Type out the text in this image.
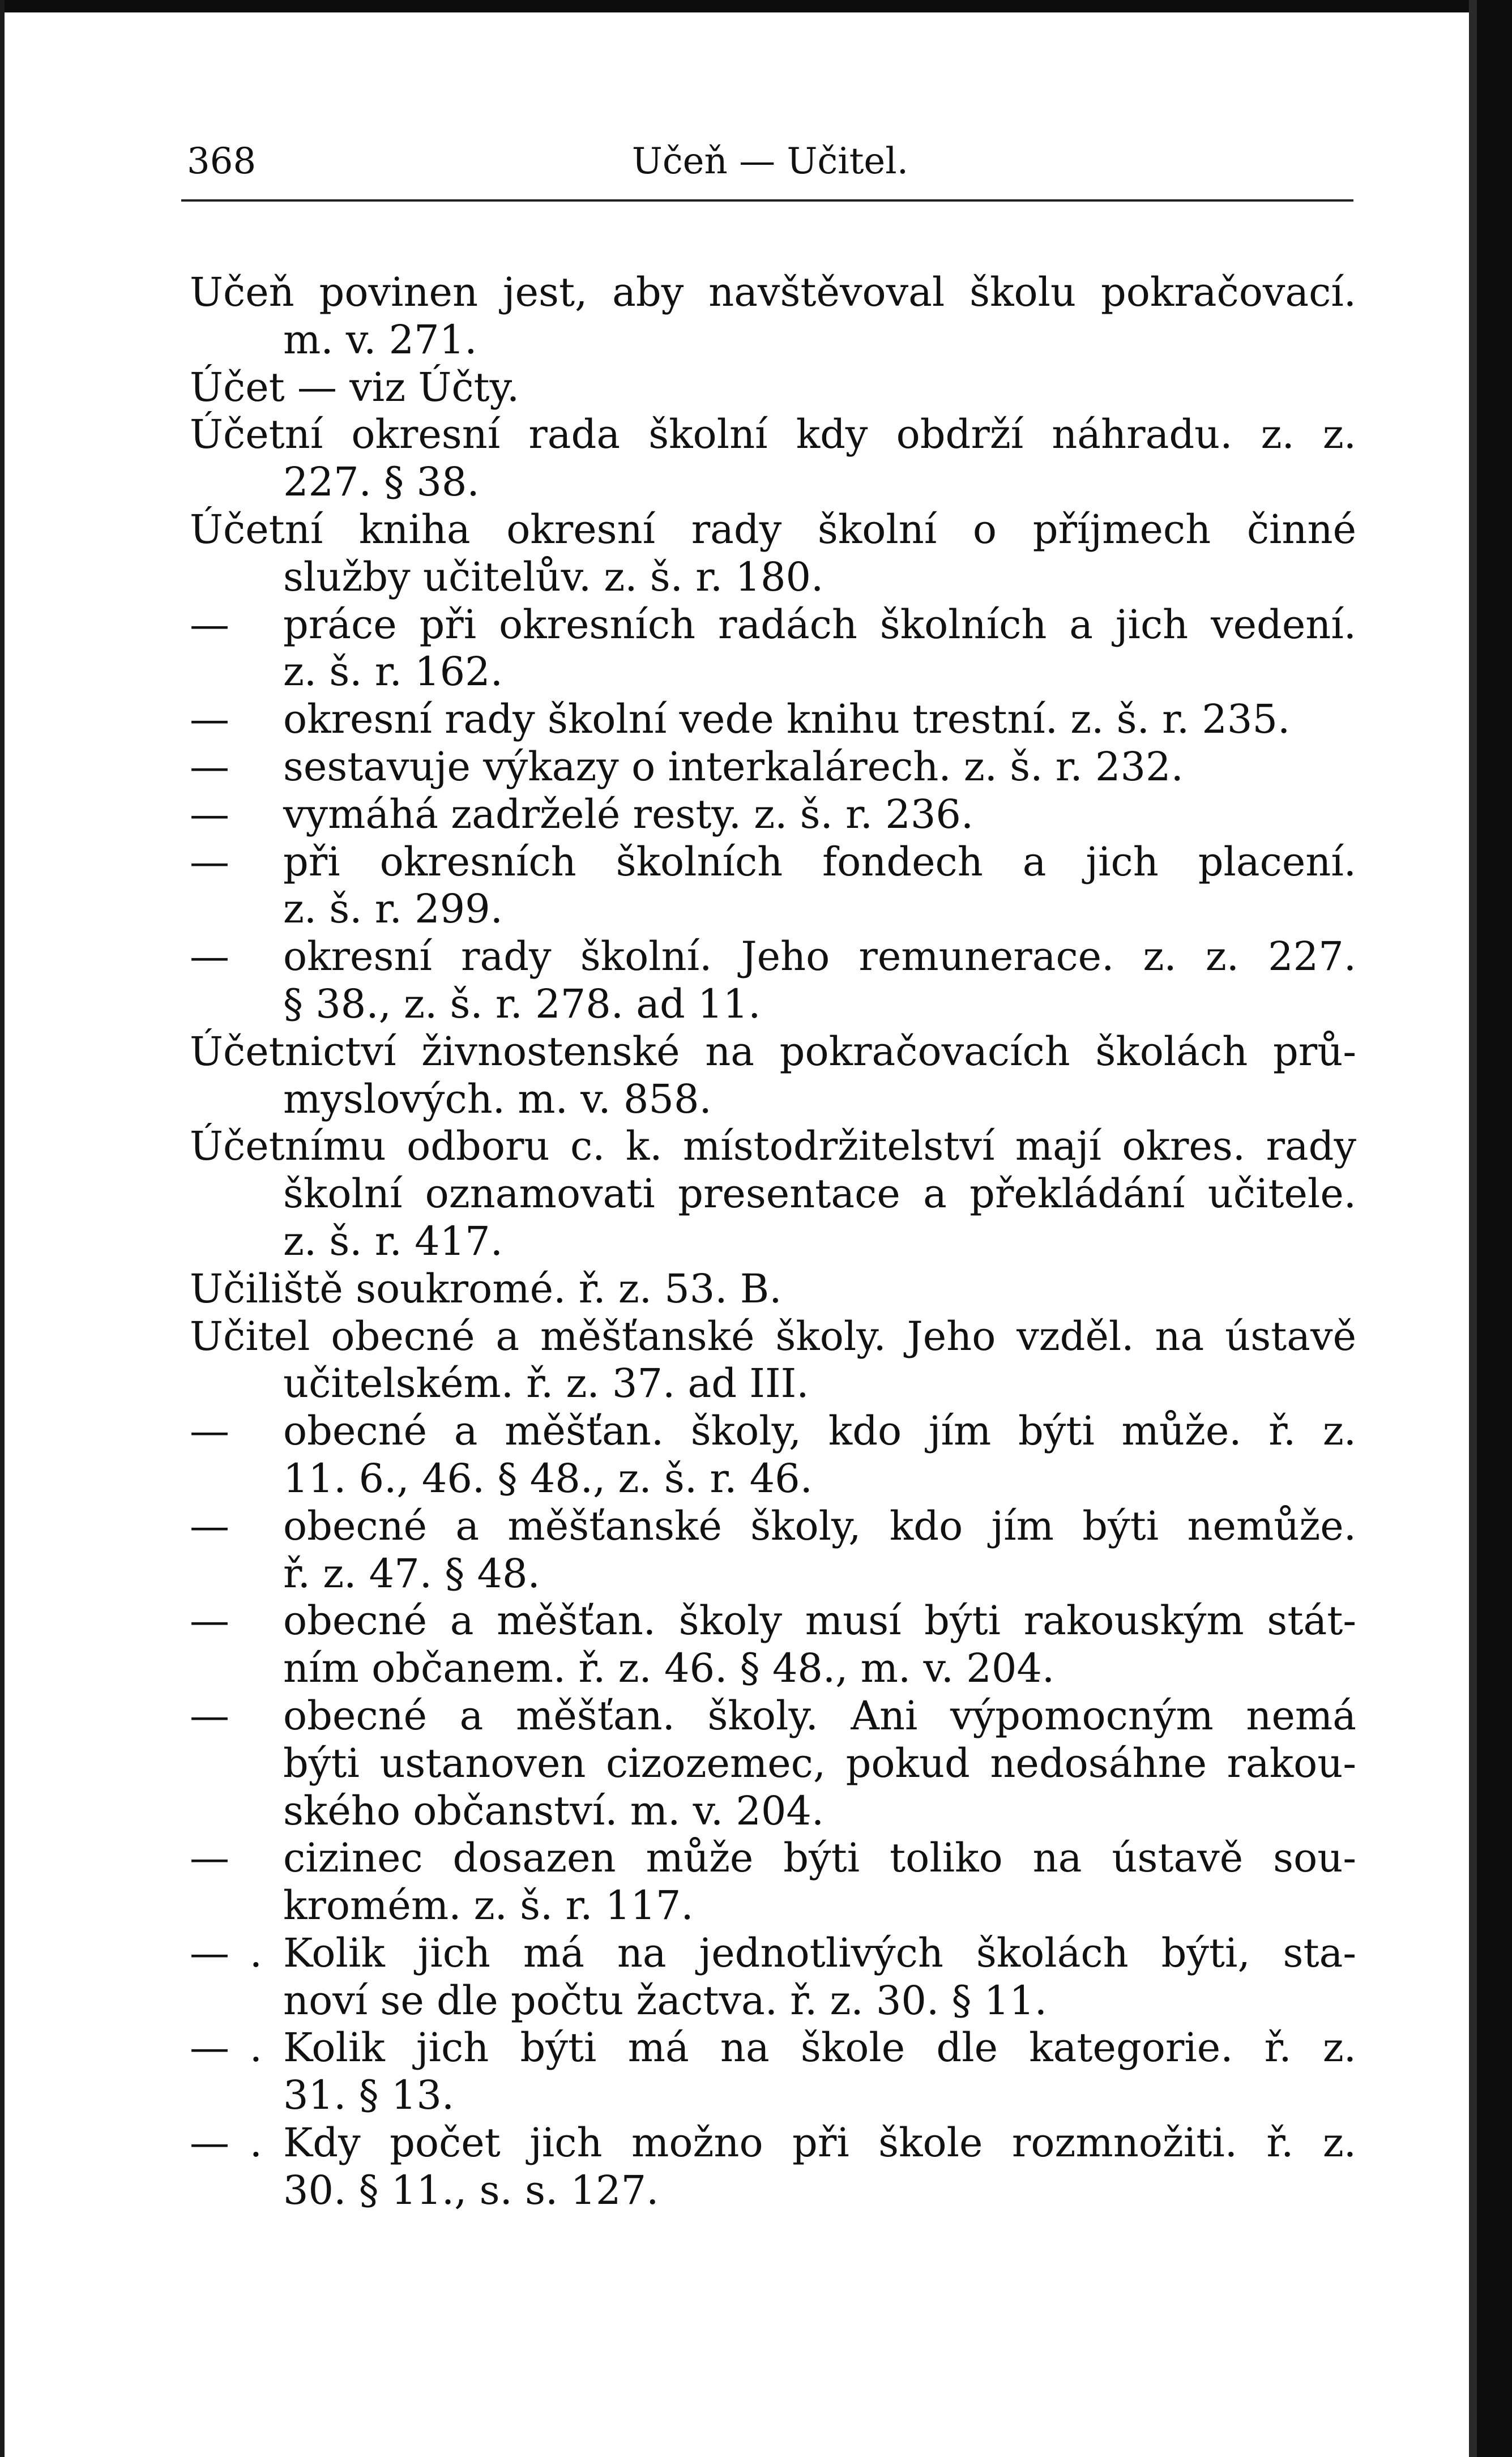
368	Učeň — Učitel.
Učeň povinen jest, aby navštěvoval školu pokračovací.
m. v. 271.
Účet — viz Účty.
Účetní okresní rada školní kdy obdrží náhradu. z. z.
227. § 38.
Účetní kniha okresní rady školní o příjmech činné
služby učitelův. z. š. r. 180.
— práce při okresních radách školních a jich vedení.
z. š. r. 162.
— okresní rady školní vede knihu trestní. z. š. r. 235.
— sestavuje výkazy o interkalárech. z. š. r. 232.
— vymáhá zadrželé resty. z. š. r. 236.
— při okresních školních fondech a jich placení.
z. š. r. 299.
— okresní rady školní. Jeho remunerace. z. z. 227.
§ 38., z. š. r. 278. ad 11.
Účetnictví živnostenské na pokračovacích školách prů-
myslových. m. v. 858.
Účetnímu odboru c. k. místodržitelství mají okres. rady
školní oznamovati presentace a překládání učitele.
z. š. r. 417.
Učiliště soukromé. ř. z. 53. B.
Učitel obecné a měšťanské školy. Jeho vzděl. na ústavě
učitelském. ř. z. 37. ad III.
— obecné a měšťan. školy, kdo jím býti může. ř. z.
11. 6., 46. § 48., z. š. r. 46.
— obecné a měšťanské školy, kdo jím býti nemůže.
ř. z. 47. § 48.
— obecné a měšťan. školy musí býti rakouským stát-
ním občanem. ř. z. 46. § 48., m. v. 204.
— obecné a měšťan. školy. Ani výpomocným nemá
býti ustanoven cizozemec, pokud nedosáhne rakou-
ského občanství. m. v. 204.
— cizinec dosazen může býti toliko na ústavě sou-
kromém. z. š. r. 117.
— . Kolik jich má na jednotlivých školách býti, sta-
noví se dle počtu žactva. ř. z. 30. § 11.
— . Kolik jich býti má na škole dle kategorie. ř. z.
31. § 13.
— . Kdy počet jich možno při škole rozmnožiti. ř. z.
30. § 11., s. s. 127.
